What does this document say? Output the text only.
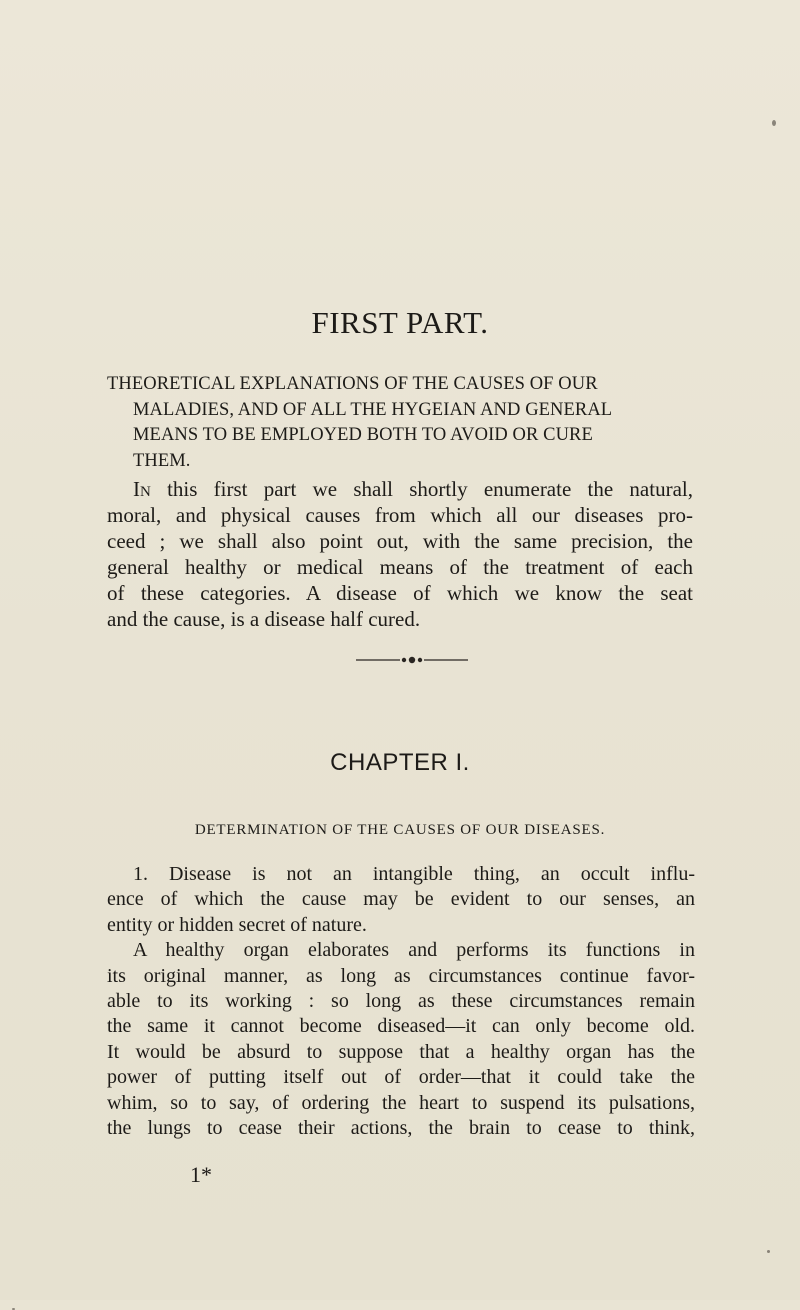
FIRST PART.
THEORETICAL EXPLANATIONS OF THE CAUSES OF OUR
MALADIES, AND OF ALL THE HYGEIAN AND GENERAL
MEANS TO BE EMPLOYED BOTH TO AVOID OR CURE
THEM.
In this first part we shall shortly enumerate the natural,
moral, and physical causes from which all our diseases pro-
ceed ; we shall also point out, with the same precision, the
general healthy or medical means of the treatment of each
of these categories. A disease of which we know the seat
and the cause, is a disease half cured.
CHAPTER I.
DETERMINATION OF THE CAUSES OF OUR DISEASES.
1. Disease is not an intangible thing, an occult influ-
ence of which the cause may be evident to our senses, an
entity or hidden secret of nature.
A healthy organ elaborates and performs its functions in
its original manner, as long as circumstances continue favor-
able to its working : so long as these circumstances remain
the same it cannot become diseased—it can only become old.
It would be absurd to suppose that a healthy organ has the
power of putting itself out of order—that it could take the
whim, so to say, of ordering the heart to suspend its pulsations,
the lungs to cease their actions, the brain to cease to think,
1*
